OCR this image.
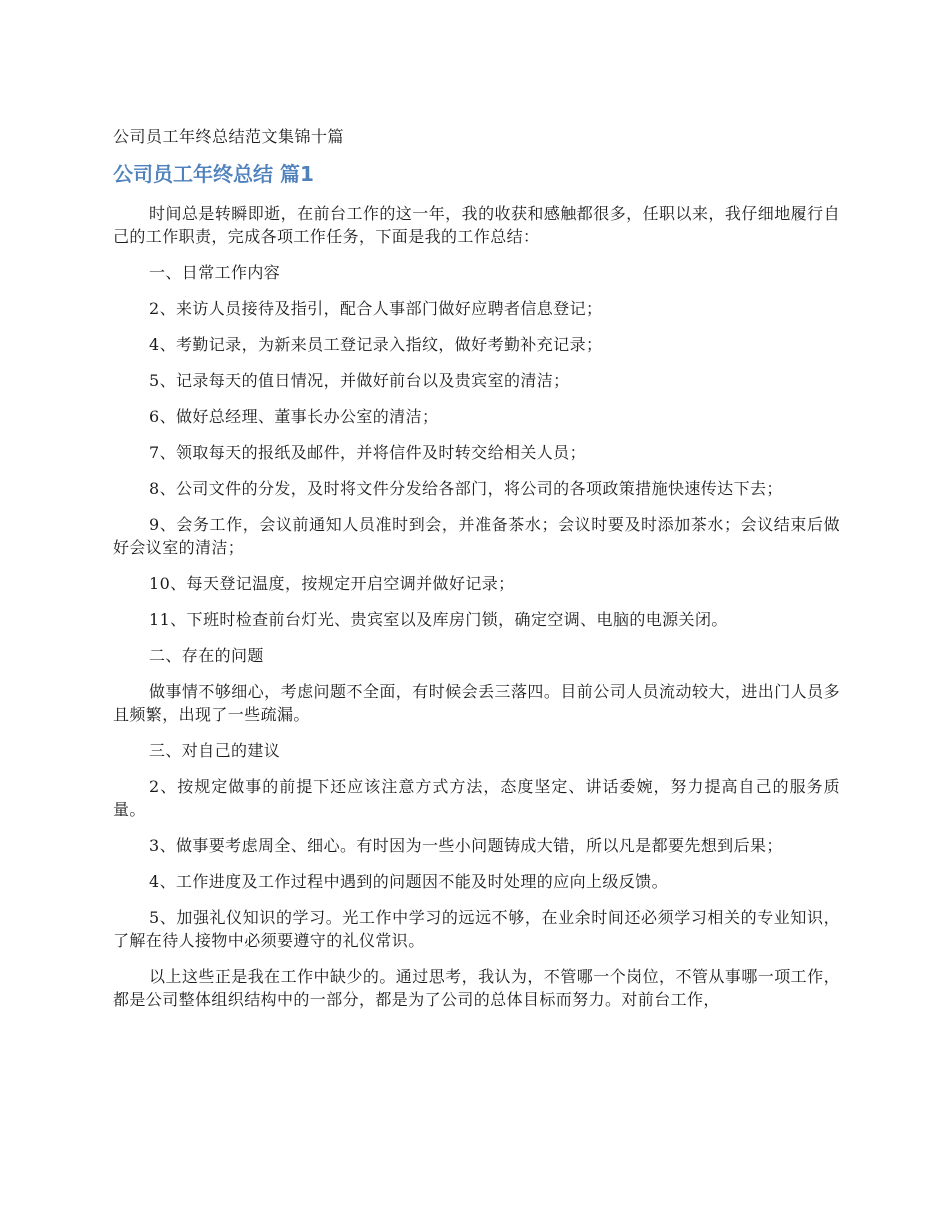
公司员工年终总结范文集锦十篇
公司员工年终总结 篇1

时间总是转瞬即逝，在前台工作的这一年，我的收获和感触都很多，任职以来，我仔细地履行自己的工作职责，完成各项工作任务，下面是我的工作总结：

一、日常工作内容

2、来访人员接待及指引，配合人事部门做好应聘者信息登记；

4、考勤记录，为新来员工登记录入指纹，做好考勤补充记录；

5、记录每天的值日情况，并做好前台以及贵宾室的清洁；

6、做好总经理、董事长办公室的清洁；

7、领取每天的报纸及邮件，并将信件及时转交给相关人员；

8、公司文件的分发，及时将文件分发给各部门，将公司的各项政策措施快速传达下去；

9、会务工作，会议前通知人员准时到会，并准备茶水；会议时要及时添加茶水；会议结束后做好会议室的清洁；

10、每天登记温度，按规定开启空调并做好记录；

11、下班时检查前台灯光、贵宾室以及库房门锁，确定空调、电脑的电源关闭。

二、存在的问题

做事情不够细心，考虑问题不全面，有时候会丢三落四。目前公司人员流动较大，进出门人员多且频繁，出现了一些疏漏。

三、对自己的建议

2、按规定做事的前提下还应该注意方式方法，态度坚定、讲话委婉，努力提高自己的服务质量。

3、做事要考虑周全、细心。有时因为一些小问题铸成大错，所以凡是都要先想到后果；

4、工作进度及工作过程中遇到的问题因不能及时处理的应向上级反馈。

5、加强礼仪知识的学习。光工作中学习的远远不够，在业余时间还必须学习相关的专业知识，了解在待人接物中必须要遵守的礼仪常识。

以上这些正是我在工作中缺少的。通过思考，我认为，不管哪一个岗位，不管从事哪一项工作，都是公司整体组织结构中的一部分，都是为了公司的总体目标而努力。对前台工作，
